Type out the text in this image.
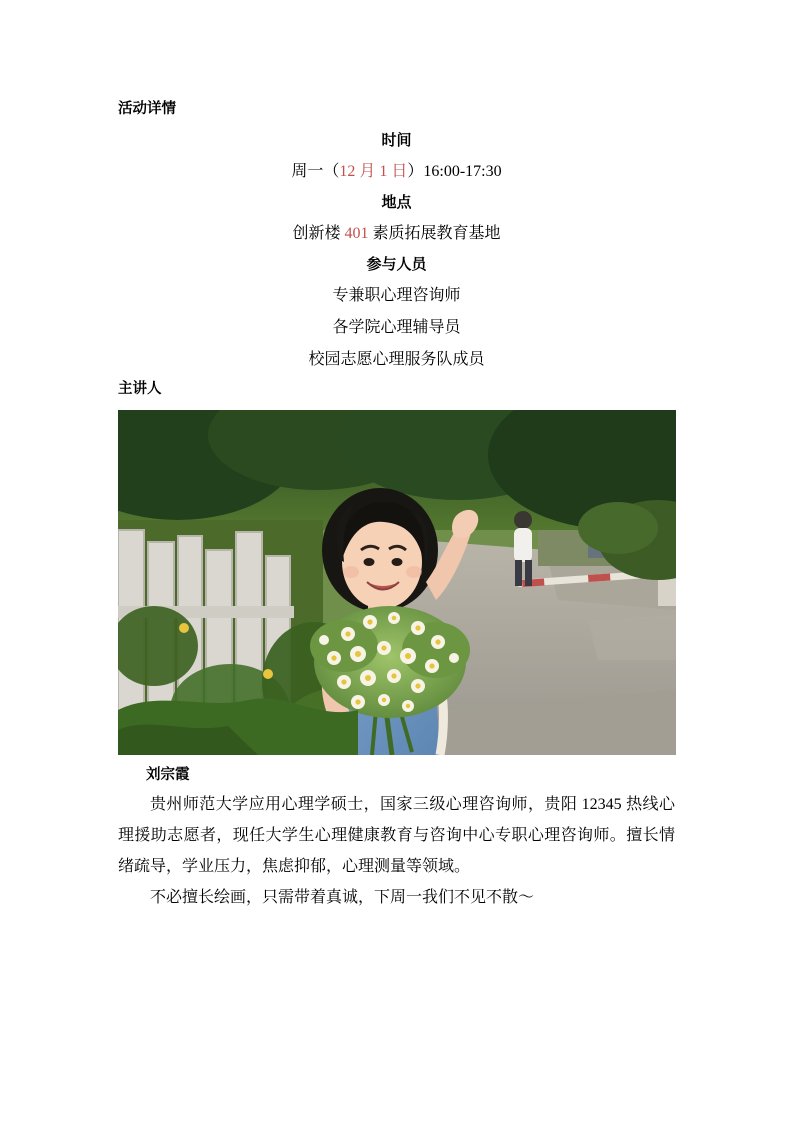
活动详情
时间
周一（12 月 1 日）16:00-17:30
地点
创新楼 401 素质拓展教育基地
参与人员
专兼职心理咨询师
各学院心理辅导员
校园志愿心理服务队成员
主讲人
刘宗霞

贵州师范大学应用心理学硕士，国家三级心理咨询师，贵阳 12345 热线心理援助志愿者，现任大学生心理健康教育与咨询中心专职心理咨询师。擅长情绪疏导，学业压力，焦虑抑郁，心理测量等领域。

不必擅长绘画，只需带着真诚，下周一我们不见不散～
